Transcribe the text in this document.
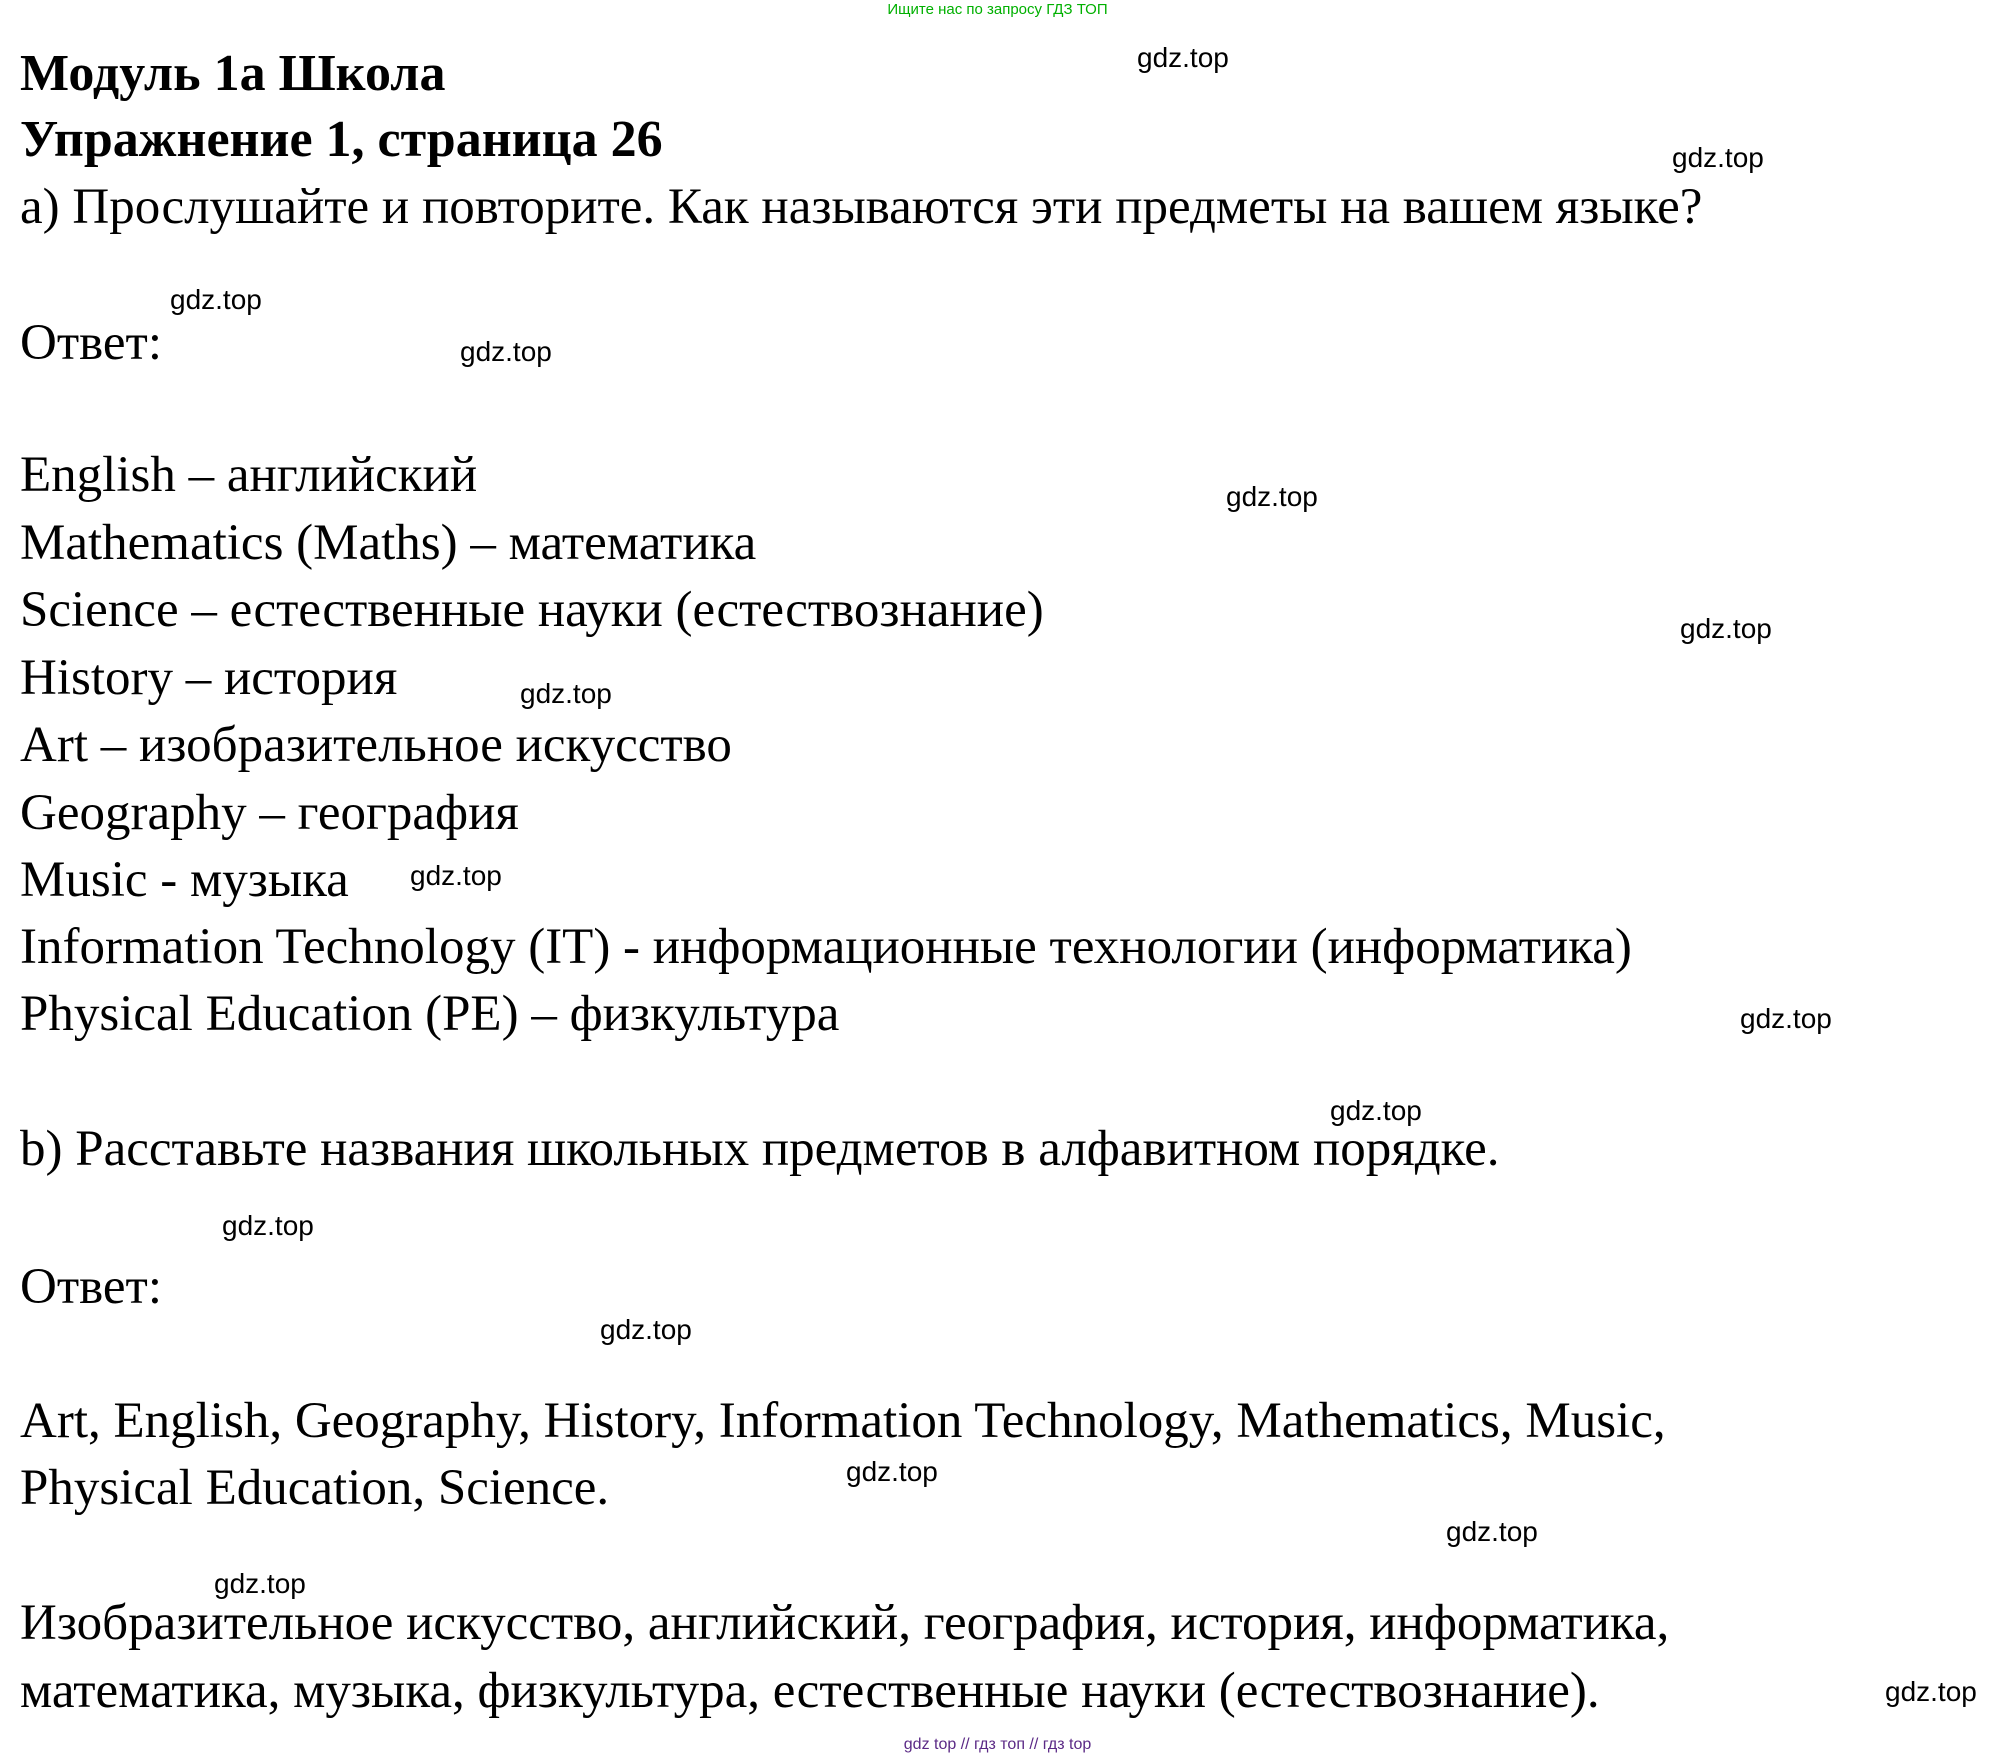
Ищите нас по запросу ГДЗ ТОП
Модуль 1а Школа
Упражнение 1, страница 26
a) Прослушайте и повторите. Как называются эти предметы на вашем языке?
Ответ:
English – английский
Mathematics (Maths) – математика
Science – естественные науки (естествознание)
History – история
Art – изобразительное искусство
Geography – география
Music - музыка
Information Technology (IT) - информационные технологии (информатика)
Physical Education (PE) – физкультура
b) Расставьте названия школьных предметов в алфавитном порядке.
Ответ:
Art, English, Geography, History, Information Technology, Mathematics, Music,
Physical Education, Science.
Изобразительное искусство, английский, география, история, информатика,
математика, музыка, физкультура, естественные науки (естествознание).
gdz.top
gdz.top
gdz.top
gdz.top
gdz.top
gdz.top
gdz.top
gdz.top
gdz.top
gdz.top
gdz.top
gdz.top
gdz.top
gdz.top
gdz.top
gdz.top
gdz top // гдз топ // гдз top
